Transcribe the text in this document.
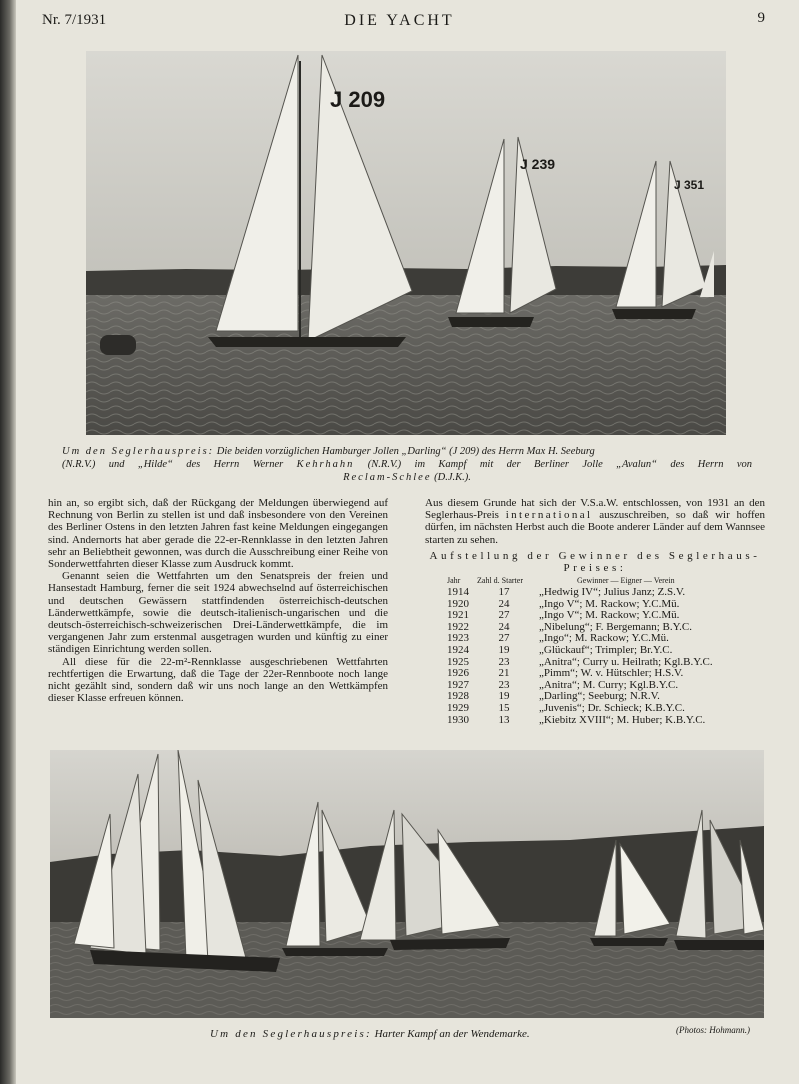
Nr. 7/1931	DIE YACHT	9
J 209
J 239
J 351
Um den Seglerhauspreis: Die beiden vorzüglichen Hamburger Jollen „Darling“ (J 209) des Herrn Max H. Seeburg
(N.R.V.) und „Hilde“ des Herrn Werner Kehrhahn (N.R.V.) im Kampf mit der Berliner Jolle „Avalun“ des Herrn von
Reclam-Schlee (D.J.K.).

hin an, so ergibt sich, daß der Rückgang der Meldungen überwiegend auf Rechnung von Berlin zu stellen ist und daß insbesondere von den Vereinen des Berliner Ostens in den letzten Jahren fast keine Meldungen eingegangen sind. Andernorts hat aber gerade die 22-er-Rennklasse in den letzten Jahren sehr an Beliebtheit gewonnen, was durch die Ausschreibung einer Reihe von Sonderwettfahrten dieser Klasse zum Ausdruck kommt.

Genannt seien die Wettfahrten um den Senatspreis der freien und Hansestadt Hamburg, ferner die seit 1924 abwechselnd auf österreichischen und deutschen Gewässern stattfindenden österreichisch-deutschen Länderwettkämpfe, sowie die deutsch-italienisch-ungarischen und die deutsch-österreichisch-schweizerischen Drei-Länderwettkämpfe, die im vergangenen Jahr zum erstenmal ausgetragen wurden und künftig zu einer ständigen Einrichtung werden sollen.

All diese für die 22-m²-Rennklasse ausgeschriebenen Wettfahrten rechtfertigen die Erwartung, daß die Tage der 22er-Rennboote noch lange nicht gezählt sind, sondern daß wir uns noch lange an den Wettkämpfen dieser Klasse erfreuen können.

Aus diesem Grunde hat sich der V.S.a.W. entschlossen, von 1931 an den Seglerhaus-Preis international auszuschreiben, so daß wir hoffen dürfen, im nächsten Herbst auch die Boote anderer Länder auf dem Wannsee starten zu sehen.

Aufstellung der Gewinner des Seglerhaus-Preises:
Jahr	Zahl d. Starter	Gewinner — Eigner — Verein
1914	17	„Hedwig IV“; Julius Janz; Z.S.V.
1920	24	„Ingo V“; M. Rackow; Y.C.Mü.
1921	27	„Ingo V“; M. Rackow; Y.C.Mü.
1922	24	„Nibelung“; F. Bergemann; B.Y.C.
1923	27	„Ingo“; M. Rackow; Y.C.Mü.
1924	19	„Glückauf“; Trimpler; Br.Y.C.
1925	23	„Anitra“; Curry u. Heilrath; Kgl.B.Y.C.
1926	21	„Pimm“; W. v. Hütschler; H.S.V.
1927	23	„Anitra“; M. Curry; Kgl.B.Y.C.
1928	19	„Darling“; Seeburg; N.R.V.
1929	15	„Juvenis“; Dr. Schieck; K.B.Y.C.
1930	13	„Kiebitz XVIII“; M. Huber; K.B.Y.C.
Um den Seglerhauspreis: Harter Kampf an der Wendemarke.	(Photos: Hohmann.)
